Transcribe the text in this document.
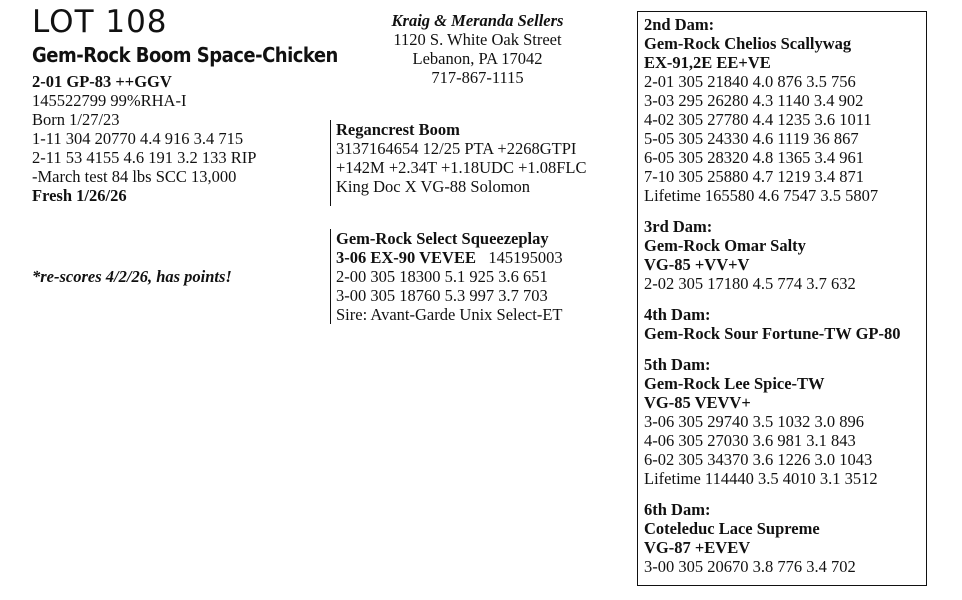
LOT 108
Gem-Rock Boom Space-Chicken
2-01 GP-83 ++GGV
145522799 99%RHA-I
Born 1/27/23
1-11 304 20770 4.4 916 3.4 715
2-11 53 4155 4.6 191 3.2 133 RIP
-March test 84 lbs SCC 13,000
Fresh 1/26/26
*re-scores 4/2/26, has points!
Kraig & Meranda Sellers
1120 S. White Oak Street
Lebanon, PA 17042
717-867-1115
Regancrest Boom
3137164654 12/25 PTA +2268GTPI
+142M +2.34T +1.18UDC +1.08FLC
King Doc X VG-88 Solomon
Gem-Rock Select Squeezeplay
3-06 EX-90 VEVEE 145195003
2-00 305 18300 5.1 925 3.6 651
3-00 305 18760 5.3 997 3.7 703
Sire: Avant-Garde Unix Select-ET
2nd Dam:
Gem-Rock Chelios Scallywag
EX-91,2E EE+VE
2-01 305 21840 4.0 876 3.5 756
3-03 295 26280 4.3 1140 3.4 902
4-02 305 27780 4.4 1235 3.6 1011
5-05 305 24330 4.6 1119 36 867
6-05 305 28320 4.8 1365 3.4 961
7-10 305 25880 4.7 1219 3.4 871
Lifetime 165580 4.6 7547 3.5 5807
3rd Dam:
Gem-Rock Omar Salty
VG-85 +VV+V
2-02 305 17180 4.5 774 3.7 632
4th Dam:
Gem-Rock Sour Fortune-TW GP-80
5th Dam:
Gem-Rock Lee Spice-TW
VG-85 VEVV+
3-06 305 29740 3.5 1032 3.0 896
4-06 305 27030 3.6 981 3.1 843
6-02 305 34370 3.6 1226 3.0 1043
Lifetime 114440 3.5 4010 3.1 3512
6th Dam:
Coteleduc Lace Supreme
VG-87 +EVEV
3-00 305 20670 3.8 776 3.4 702
